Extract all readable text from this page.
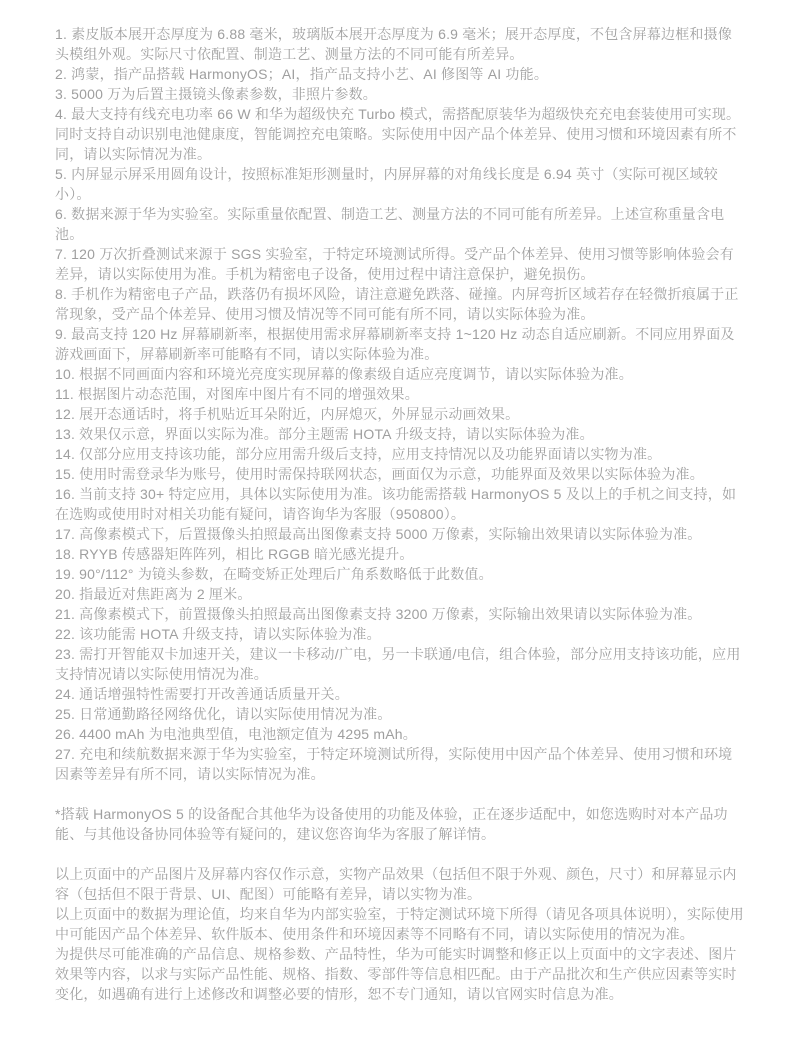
1. 素皮版本展开态厚度为 6.88 毫米，玻璃版本展开态厚度为 6.9 毫米；展开态厚度，不包含屏幕边框和摄像头模组外观。实际尺寸依配置、制造工艺、测量方法的不同可能有所差异。

2. 鸿蒙，指产品搭载 HarmonyOS；AI，指产品支持小艺、AI 修图等 AI 功能。

3. 5000 万为后置主摄镜头像素参数，非照片参数。

4. 最大支持有线充电功率 66 W 和华为超级快充 Turbo 模式，需搭配原装华为超级快充充电套装使用可实现。同时支持自动识别电池健康度，智能调控充电策略。实际使用中因产品个体差异、使用习惯和环境因素有所不同，请以实际情况为准。

5. 内屏显示屏采用圆角设计，按照标准矩形测量时，内屏屏幕的对角线长度是 6.94 英寸（实际可视区域较小）。

6. 数据来源于华为实验室。实际重量依配置、制造工艺、测量方法的不同可能有所差异。上述宣称重量含电池。

7. 120 万次折叠测试来源于 SGS 实验室，于特定环境测试所得。受产品个体差异、使用习惯等影响体验会有差异，请以实际使用为准。手机为精密电子设备，使用过程中请注意保护，避免损伤。

8. 手机作为精密电子产品，跌落仍有损坏风险，请注意避免跌落、碰撞。内屏弯折区域若存在轻微折痕属于正常现象，受产品个体差异、使用习惯及情况等不同可能有所不同，请以实际体验为准。

9. 最高支持 120 Hz 屏幕刷新率，根据使用需求屏幕刷新率支持 1~120 Hz 动态自适应刷新。不同应用界面及游戏画面下，屏幕刷新率可能略有不同，请以实际体验为准。

10. 根据不同画面内容和环境光亮度实现屏幕的像素级自适应亮度调节，请以实际体验为准。

11. 根据图片动态范围，对图库中图片有不同的增强效果。

12. 展开态通话时，将手机贴近耳朵附近，内屏熄灭，外屏显示动画效果。

13. 效果仅示意，界面以实际为准。部分主题需 HOTA 升级支持，请以实际体验为准。

14. 仅部分应用支持该功能，部分应用需升级后支持，应用支持情况以及功能界面请以实物为准。

15. 使用时需登录华为账号，使用时需保持联网状态，画面仅为示意，功能界面及效果以实际体验为准。

16. 当前支持 30+ 特定应用，具体以实际使用为准。该功能需搭载 HarmonyOS 5 及以上的手机之间支持，如在选购或使用时对相关功能有疑问，请咨询华为客服（950800）。

17. 高像素模式下，后置摄像头拍照最高出图像素支持 5000 万像素，实际输出效果请以实际体验为准。

18. RYYB 传感器矩阵阵列，相比 RGGB 暗光感光提升。

19. 90°/112° 为镜头参数，在畸变矫正处理后广角系数略低于此数值。

20. 指最近对焦距离为 2 厘米。

21. 高像素模式下，前置摄像头拍照最高出图像素支持 3200 万像素，实际输出效果请以实际体验为准。

22. 该功能需 HOTA 升级支持，请以实际体验为准。

23. 需打开智能双卡加速开关，建议一卡移动/广电，另一卡联通/电信，组合体验，部分应用支持该功能，应用支持情况请以实际使用情况为准。

24. 通话增强特性需要打开改善通话质量开关。

25. 日常通勤路径网络优化，请以实际使用情况为准。

26. 4400 mAh 为电池典型值，电池额定值为 4295 mAh。

27. 充电和续航数据来源于华为实验室，于特定环境测试所得，实际使用中因产品个体差异、使用习惯和环境因素等差异有所不同，请以实际情况为准。

*搭载 HarmonyOS 5 的设备配合其他华为设备使用的功能及体验，正在逐步适配中，如您选购时对本产品功能、与其他设备协同体验等有疑问的，建议您咨询华为客服了解详情。

以上页面中的产品图片及屏幕内容仅作示意，实物产品效果（包括但不限于外观、颜色，尺寸）和屏幕显示内容（包括但不限于背景、UI、配图）可能略有差异，请以实物为准。

以上页面中的数据为理论值，均来自华为内部实验室，于特定测试环境下所得（请见各项具体说明），实际使用中可能因产品个体差异、软件版本、使用条件和环境因素等不同略有不同，请以实际使用的情况为准。

为提供尽可能准确的产品信息、规格参数、产品特性，华为可能实时调整和修正以上页面中的文字表述、图片效果等内容，以求与实际产品性能、规格、指数、零部件等信息相匹配。由于产品批次和生产供应因素等实时变化，如遇确有进行上述修改和调整必要的情形，恕不专门通知，请以官网实时信息为准。
